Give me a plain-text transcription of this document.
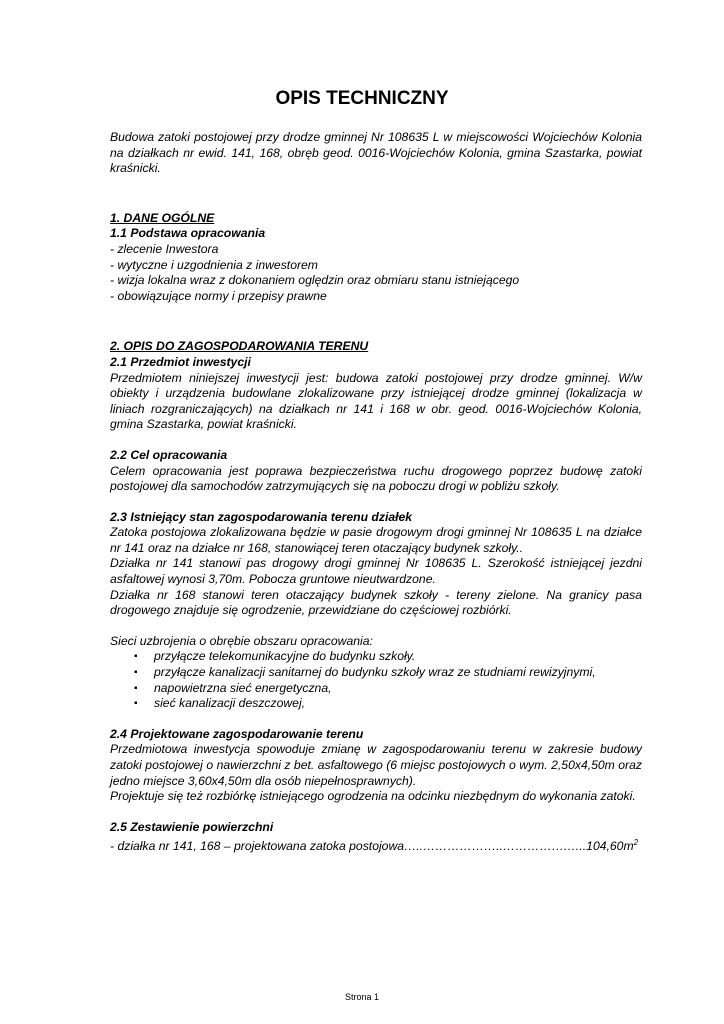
OPIS TECHNICZNY

Budowa zatoki postojowej przy drodze gminnej Nr 108635 L w miejscowości Wojciechów Kolonia na działkach nr ewid. 141, 168, obręb geod. 0016-Wojciechów Kolonia, gmina Szastarka, powiat kraśnicki.

1. DANE OGÓLNE

1.1 Podstawa opracowania

- zlecenie Inwestora
- wytyczne i uzgodnienia z inwestorem
- wizja lokalna wraz z dokonaniem oględzin oraz obmiaru stanu istniejącego
- obowiązujące normy i przepisy prawne

2. OPIS DO ZAGOSPODAROWANIA TERENU

2.1 Przedmiot inwestycji

Przedmiotem niniejszej inwestycji jest: budowa zatoki postojowej przy drodze gminnej. W/w obiekty i urządzenia budowlane zlokalizowane przy istniejącej drodze gminnej (lokalizacja w liniach rozgraniczających) na działkach nr 141 i 168 w obr. geod. 0016-Wojciechów Kolonia, gmina Szastarka, powiat kraśnicki.

2.2 Cel opracowania

Celem opracowania jest poprawa bezpieczeństwa ruchu drogowego poprzez budowę zatoki postojowej dla samochodów zatrzymujących się na poboczu drogi w pobliżu szkoły.

2.3 Istniejący stan zagospodarowania terenu działek

Zatoka postojowa zlokalizowana będzie w pasie drogowym drogi gminnej Nr 108635 L na działce nr 141 oraz na działce nr 168, stanowiącej teren otaczający budynek szkoły..

Działka nr 141 stanowi pas drogowy drogi gminnej Nr 108635 L. Szerokość istniejącej jezdni asfaltowej wynosi 3,70m. Pobocza gruntowe nieutwardzone.

Działka nr 168 stanowi teren otaczający budynek szkoły - tereny zielone. Na granicy pasa drogowego znajduje się ogrodzenie, przewidziane do częściowej rozbiórki.

Sieci uzbrojenia o obrębie obszaru opracowania:

▪ przyłącze telekomunikacyjne do budynku szkoły.
▪ przyłącze kanalizacji sanitarnej do budynku szkoły wraz ze studniami rewizyjnymi,
▪ napowietrzna sieć energetyczna,
▪ sieć kanalizacji deszczowej,

2.4 Projektowane zagospodarowanie terenu

Przedmiotowa inwestycja spowoduje zmianę w zagospodarowaniu terenu w zakresie budowy zatoki postojowej o nawierzchni z bet. asfaltowego (6 miejsc postojowych o wym. 2,50x4,50m oraz jedno miejsce 3,60x4,50m dla osób niepełnosprawnych).

Projektuje się też rozbiórkę istniejącego ogrodzenia na odcinku niezbędnym do wykonania zatoki.

2.5 Zestawienie powierzchni

- działka nr 141, 168 – projektowana zatoka $postojowa\dots..\dots\dots\dots\dots\dots\dots..\dots\dots\dots\dots\dots.\dots..104,60m^2$

Strona 1
